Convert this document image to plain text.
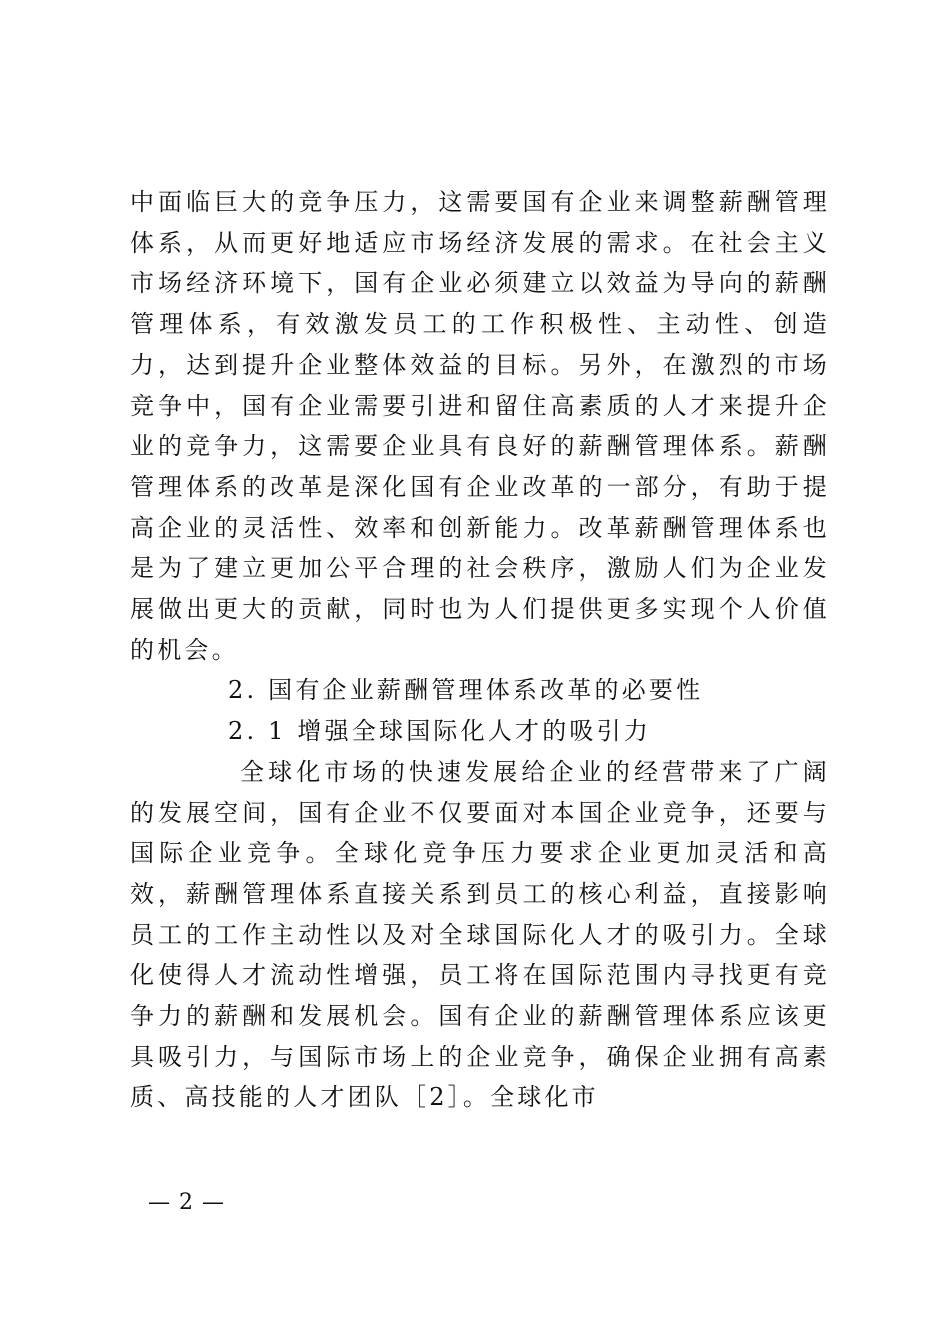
中面临巨大的竞争压力，这需要国有企业来调整薪酬管理体系，从而更好地适应市场经济发展的需求。在社会主义市场经济环境下，国有企业必须建立以效益为导向的薪酬管理体系，有效激发员工的工作积极性、主动性、创造力，达到提升企业整体效益的目标。另外，在激烈的市场竞争中，国有企业需要引进和留住高素质的人才来提升企业的竞争力，这需要企业具有良好的薪酬管理体系。薪酬管理体系的改革是深化国有企业改革的一部分，有助于提高企业的灵活性、效率和创新能力。改革薪酬管理体系也是为了建立更加公平合理的社会秩序，激励人们为企业发展做出更大的贡献，同时也为人们提供更多实现个人价值的机会。

2. 国有企业薪酬管理体系改革的必要性

2. 1 增强全球国际化人才的吸引力

全球化市场的快速发展给企业的经营带来了广阔的发展空间，国有企业不仅要面对本国企业竞争，还要与国际企业竞争。全球化竞争压力要求企业更加灵活和高效，薪酬管理体系直接关系到员工的核心利益，直接影响员工的工作主动性以及对全球国际化人才的吸引力。全球化使得人才流动性增强，员工将在国际范围内寻找更有竞争力的薪酬和发展机会。国有企业的薪酬管理体系应该更具吸引力，与国际市场上的企业竞争，确保企业拥有高素质、高技能的人才团队［2］。全球化市

— 2 —
